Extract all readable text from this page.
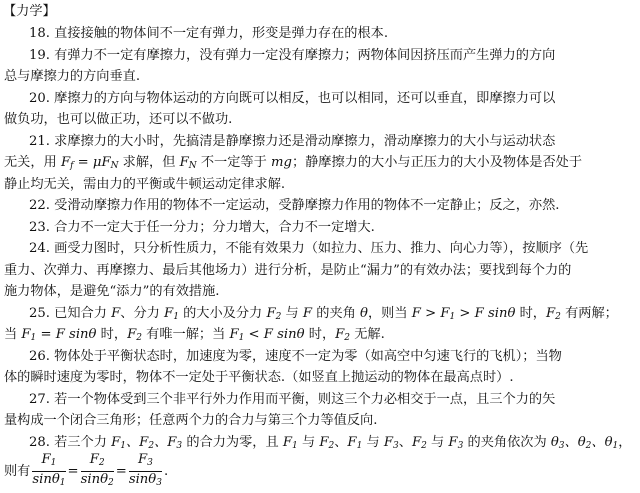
【力学】
18. 直接接触的物体间不一定有弹力，形变是弹力存在的根本.
19. 有弹力不一定有摩擦力，没有弹力一定没有摩擦力；两物体间因挤压而产生弹力的方向
总与摩擦力的方向垂直.
20. 摩擦力的方向与物体运动的方向既可以相反，也可以相同，还可以垂直，即摩擦力可以
做负功，也可以做正功，还可以不做功.
21. 求摩擦力的大小时，先搞清是静摩擦力还是滑动摩擦力，滑动摩擦力的大小与运动状态
无关，用 $F_f = \mu F_N$ 求解，但 $F_N$ 不一定等于 mg；静摩擦力的大小与正压力的大小及物体是否处于
静止均无关，需由力的平衡或牛顿运动定律求解.
22. 受滑动摩擦力作用的物体不一定运动，受静摩擦力作用的物体不一定静止；反之，亦然.
23. 合力不一定大于任一分力；分力增大，合力不一定增大.
24. 画受力图时，只分析性质力，不能有效果力（如拉力、压力、推力、向心力等），按顺序（先
重力、次弹力、再摩擦力、最后其他场力）进行分析，是防止“漏力”的有效办法；要找到每个力的
施力物体，是避免“添力”的有效措施.
25. 已知合力 F、分力 $F_1$ 的大小及分力 $F_2$ 与 F 的夹角 θ，则当 $F > F_1 > F$ sinθ 时，$F_2$ 有两解；
当 $F_1 = F$ sinθ 时，$F_2$ 有唯一解；当 $F_1 < F$ sinθ 时，$F_2$ 无解.
26. 物体处于平衡状态时，加速度为零，速度不一定为零（如高空中匀速飞行的飞机）；当物
体的瞬时速度为零时，物体不一定处于平衡状态.（如竖直上抛运动的物体在最高点时）.
27. 若一个物体受到三个非平行外力作用而平衡，则这三个力必相交于一点，且三个力的矢
量构成一个闭合三角形；任意两个力的合力与第三个力等值反向.
28. 若三个力 $F_1$、$F_2$、$F_3$ 的合力为零，且 $F_1$ 与 $F_2$、$F_1$ 与 $F_3$、$F_2$ 与 $F_3$ 的夹角依次为 $\theta_3$、$\theta_2$、$\theta_1$，
则有 $\frac{F_1}{\sin\theta_1} = \frac{F_2}{\sin\theta_2} = \frac{F_3}{\sin\theta_3}$ .
